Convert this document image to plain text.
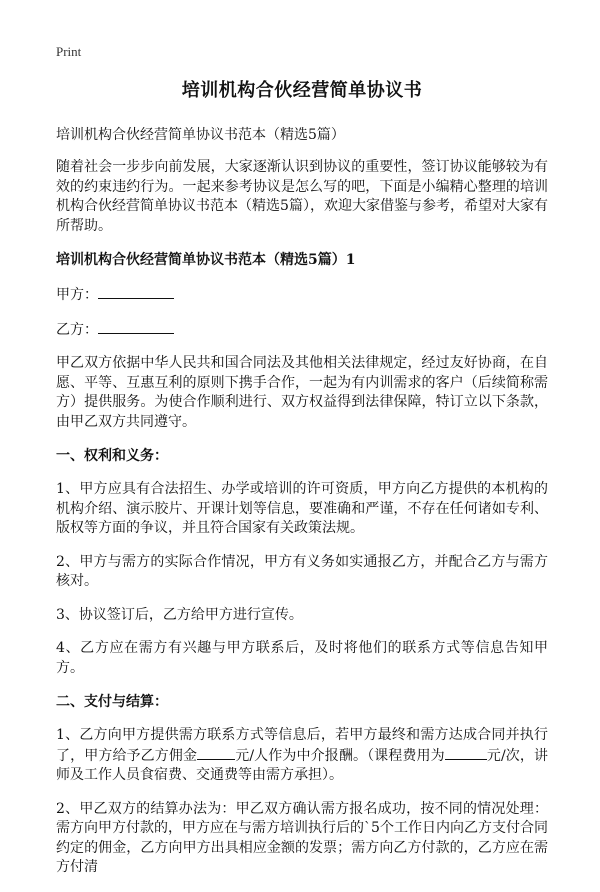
Print
培训机构合伙经营简单协议书
培训机构合伙经营简单协议书范本（精选5篇）

随着社会一步步向前发展，大家逐渐认识到协议的重要性，签订协议能够较为有效的约束违约行为。一起来参考协议是怎么写的吧，下面是小编精心整理的培训机构合伙经营简单协议书范本（精选5篇），欢迎大家借鉴与参考，希望对大家有所帮助。

培训机构合伙经营简单协议书范本（精选5篇）1
甲方：
乙方：

甲乙双方依据中华人民共和国合同法及其他相关法律规定，经过友好协商，在自愿、平等、互惠互利的原则下携手合作，一起为有内训需求的客户（后续简称需方）提供服务。为使合作顺利进行、双方权益得到法律保障，特订立以下条款，由甲乙双方共同遵守。

一、权利和义务：

1、甲方应具有合法招生、办学或培训的许可资质，甲方向乙方提供的本机构的机构介绍、演示胶片、开课计划等信息，要准确和严谨，不存在任何诸如专利、版权等方面的争议，并且符合国家有关政策法规。

2、甲方与需方的实际合作情况，甲方有义务如实通报乙方，并配合乙方与需方核对。

3、协议签订后，乙方给甲方进行宣传。

4、乙方应在需方有兴趣与甲方联系后，及时将他们的联系方式等信息告知甲方。

二、支付与结算：

1、乙方向甲方提供需方联系方式等信息后，若甲方最终和需方达成合同并执行了，甲方给予乙方佣金	元/人作为中介报酬。（课程费用为	元/次，讲师及工作人员食宿费、交通费等由需方承担）。

2、甲乙双方的结算办法为：甲乙双方确认需方报名成功，按不同的情况处理：需方向甲方付款的，甲方应在与需方培训执行后的`5个工作日内向乙方支付合同约定的佣金，乙方向甲方出具相应金额的发票；需方向乙方付款的，乙方应在需方付清
